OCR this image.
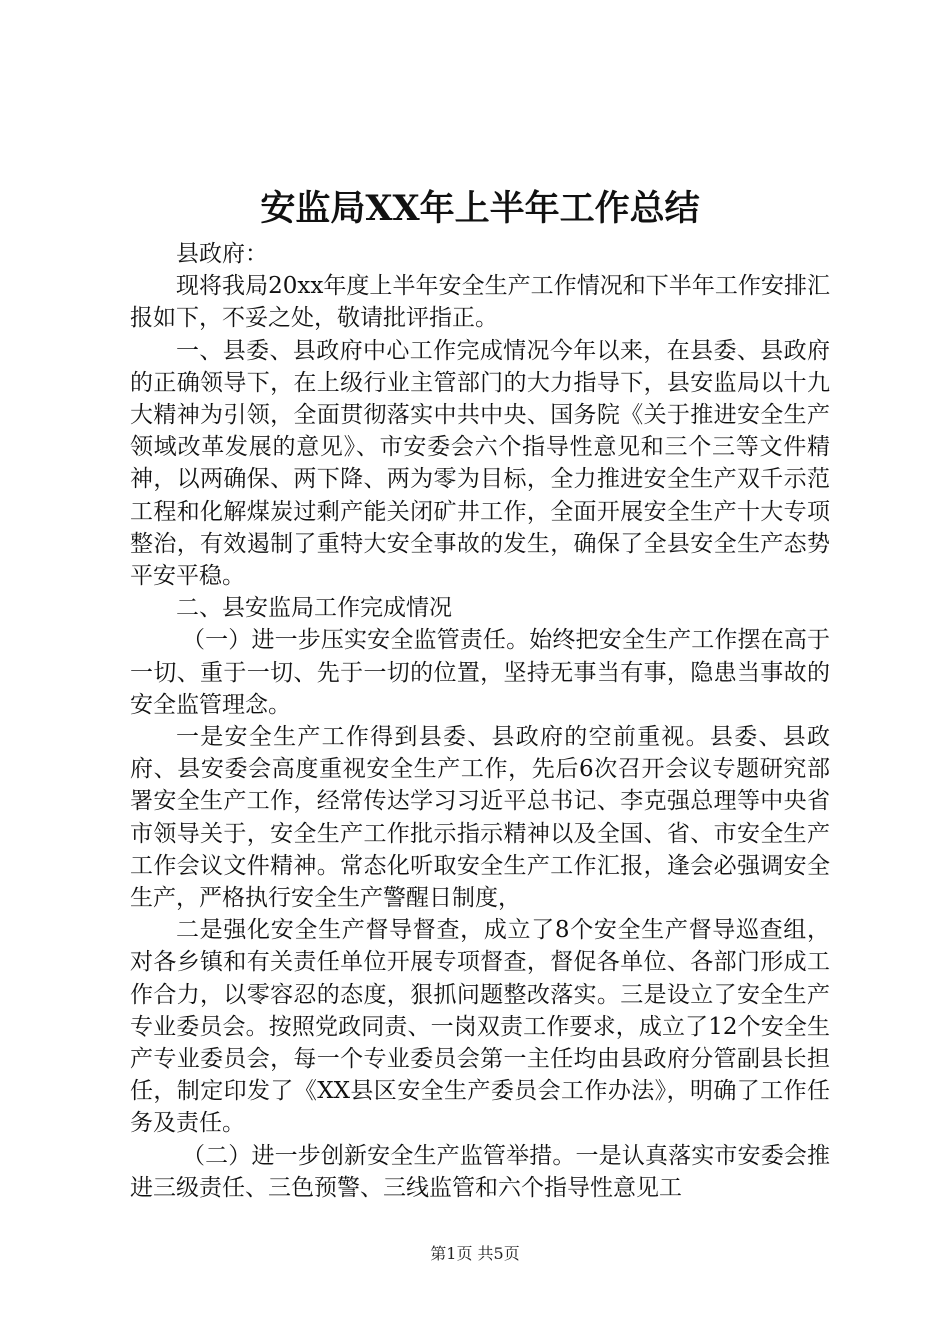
安监局XX年上半年工作总结

县政府：

现将我局20xx年度上半年安全生产工作情况和下半年工作安排汇报如下，不妥之处，敬请批评指正。

一、县委、县政府中心工作完成情况今年以来，在县委、县政府的正确领导下，在上级行业主管部门的大力指导下，县安监局以十九大精神为引领，全面贯彻落实中共中央、国务院《关于推进安全生产领域改革发展的意见》、市安委会六个指导性意见和三个三等文件精神，以两确保、两下降、两为零为目标，全力推进安全生产双千示范工程和化解煤炭过剩产能关闭矿井工作，全面开展安全生产十大专项整治，有效遏制了重特大安全事故的发生，确保了全县安全生产态势平安平稳。

二、县安监局工作完成情况

（一）进一步压实安全监管责任。始终把安全生产工作摆在高于一切、重于一切、先于一切的位置，坚持无事当有事，隐患当事故的安全监管理念。

一是安全生产工作得到县委、县政府的空前重视。县委、县政府、县安委会高度重视安全生产工作，先后6次召开会议专题研究部署安全生产工作，经常传达学习习近平总书记、李克强总理等中央省市领导关于，安全生产工作批示指示精神以及全国、省、市安全生产工作会议文件精神。常态化听取安全生产工作汇报，逢会必强调安全生产，严格执行安全生产警醒日制度，

二是强化安全生产督导督查，成立了8个安全生产督导巡查组，对各乡镇和有关责任单位开展专项督查，督促各单位、各部门形成工作合力，以零容忍的态度，狠抓问题整改落实。三是设立了安全生产专业委员会。按照党政同责、一岗双责工作要求，成立了12个安全生产专业委员会，每一个专业委员会第一主任均由县政府分管副县长担任，制定印发了《XX县区安全生产委员会工作办法》，明确了工作任务及责任。

（二）进一步创新安全生产监管举措。一是认真落实市安委会推进三级责任、三色预警、三线监管和六个指导性意见工

第1页 共5页
